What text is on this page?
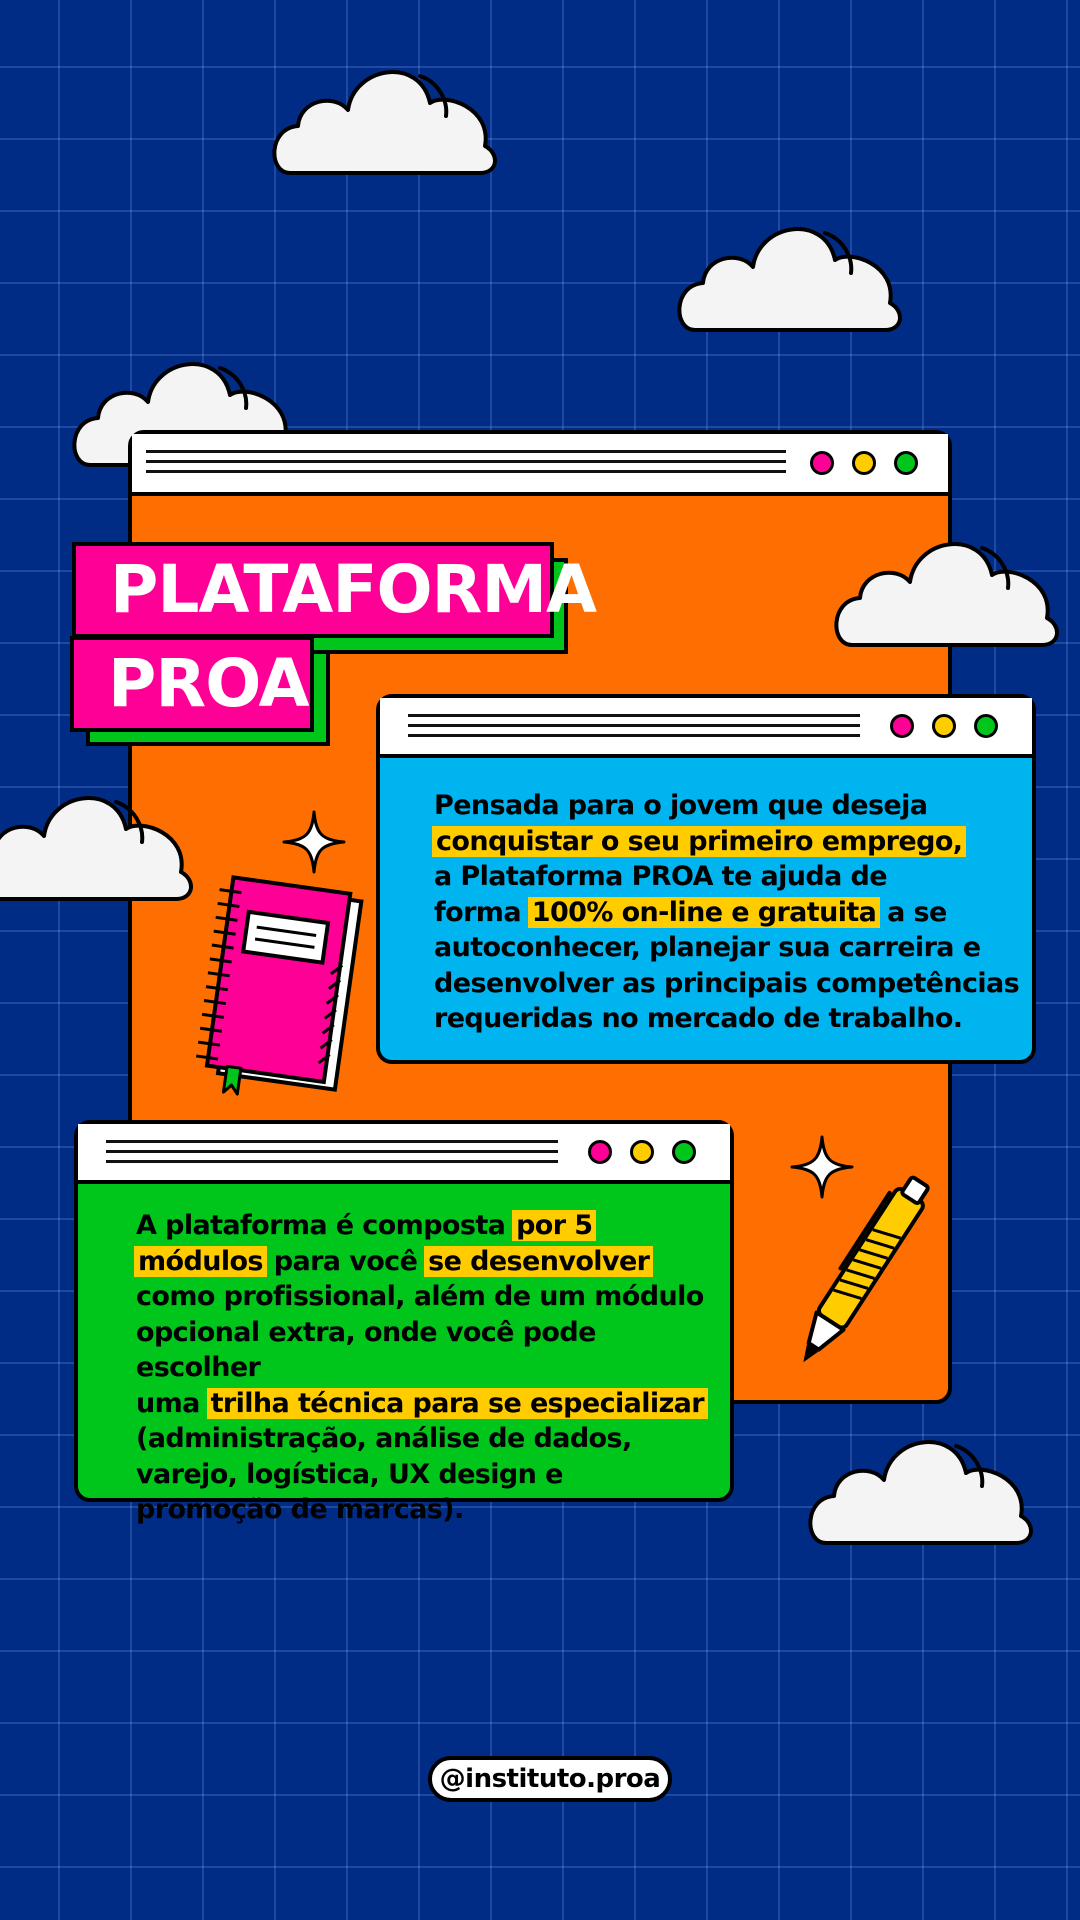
PLATAFORMA
PROA
Pensada para o jovem que deseja
conquistar o seu primeiro emprego,
a Plataforma PROA te ajuda de
forma 100% on-line e gratuita a se
autoconhecer, planejar sua carreira e
desenvolver as principais competências
requeridas no mercado de trabalho.
A plataforma é composta por 5
módulos para você se desenvolver
como profissional, além de um módulo
opcional extra, onde você pode escolher
uma trilha técnica para se especializar
(administração, análise de dados,
varejo, logística, UX design e
promoção de marcas).
@instituto.proa
